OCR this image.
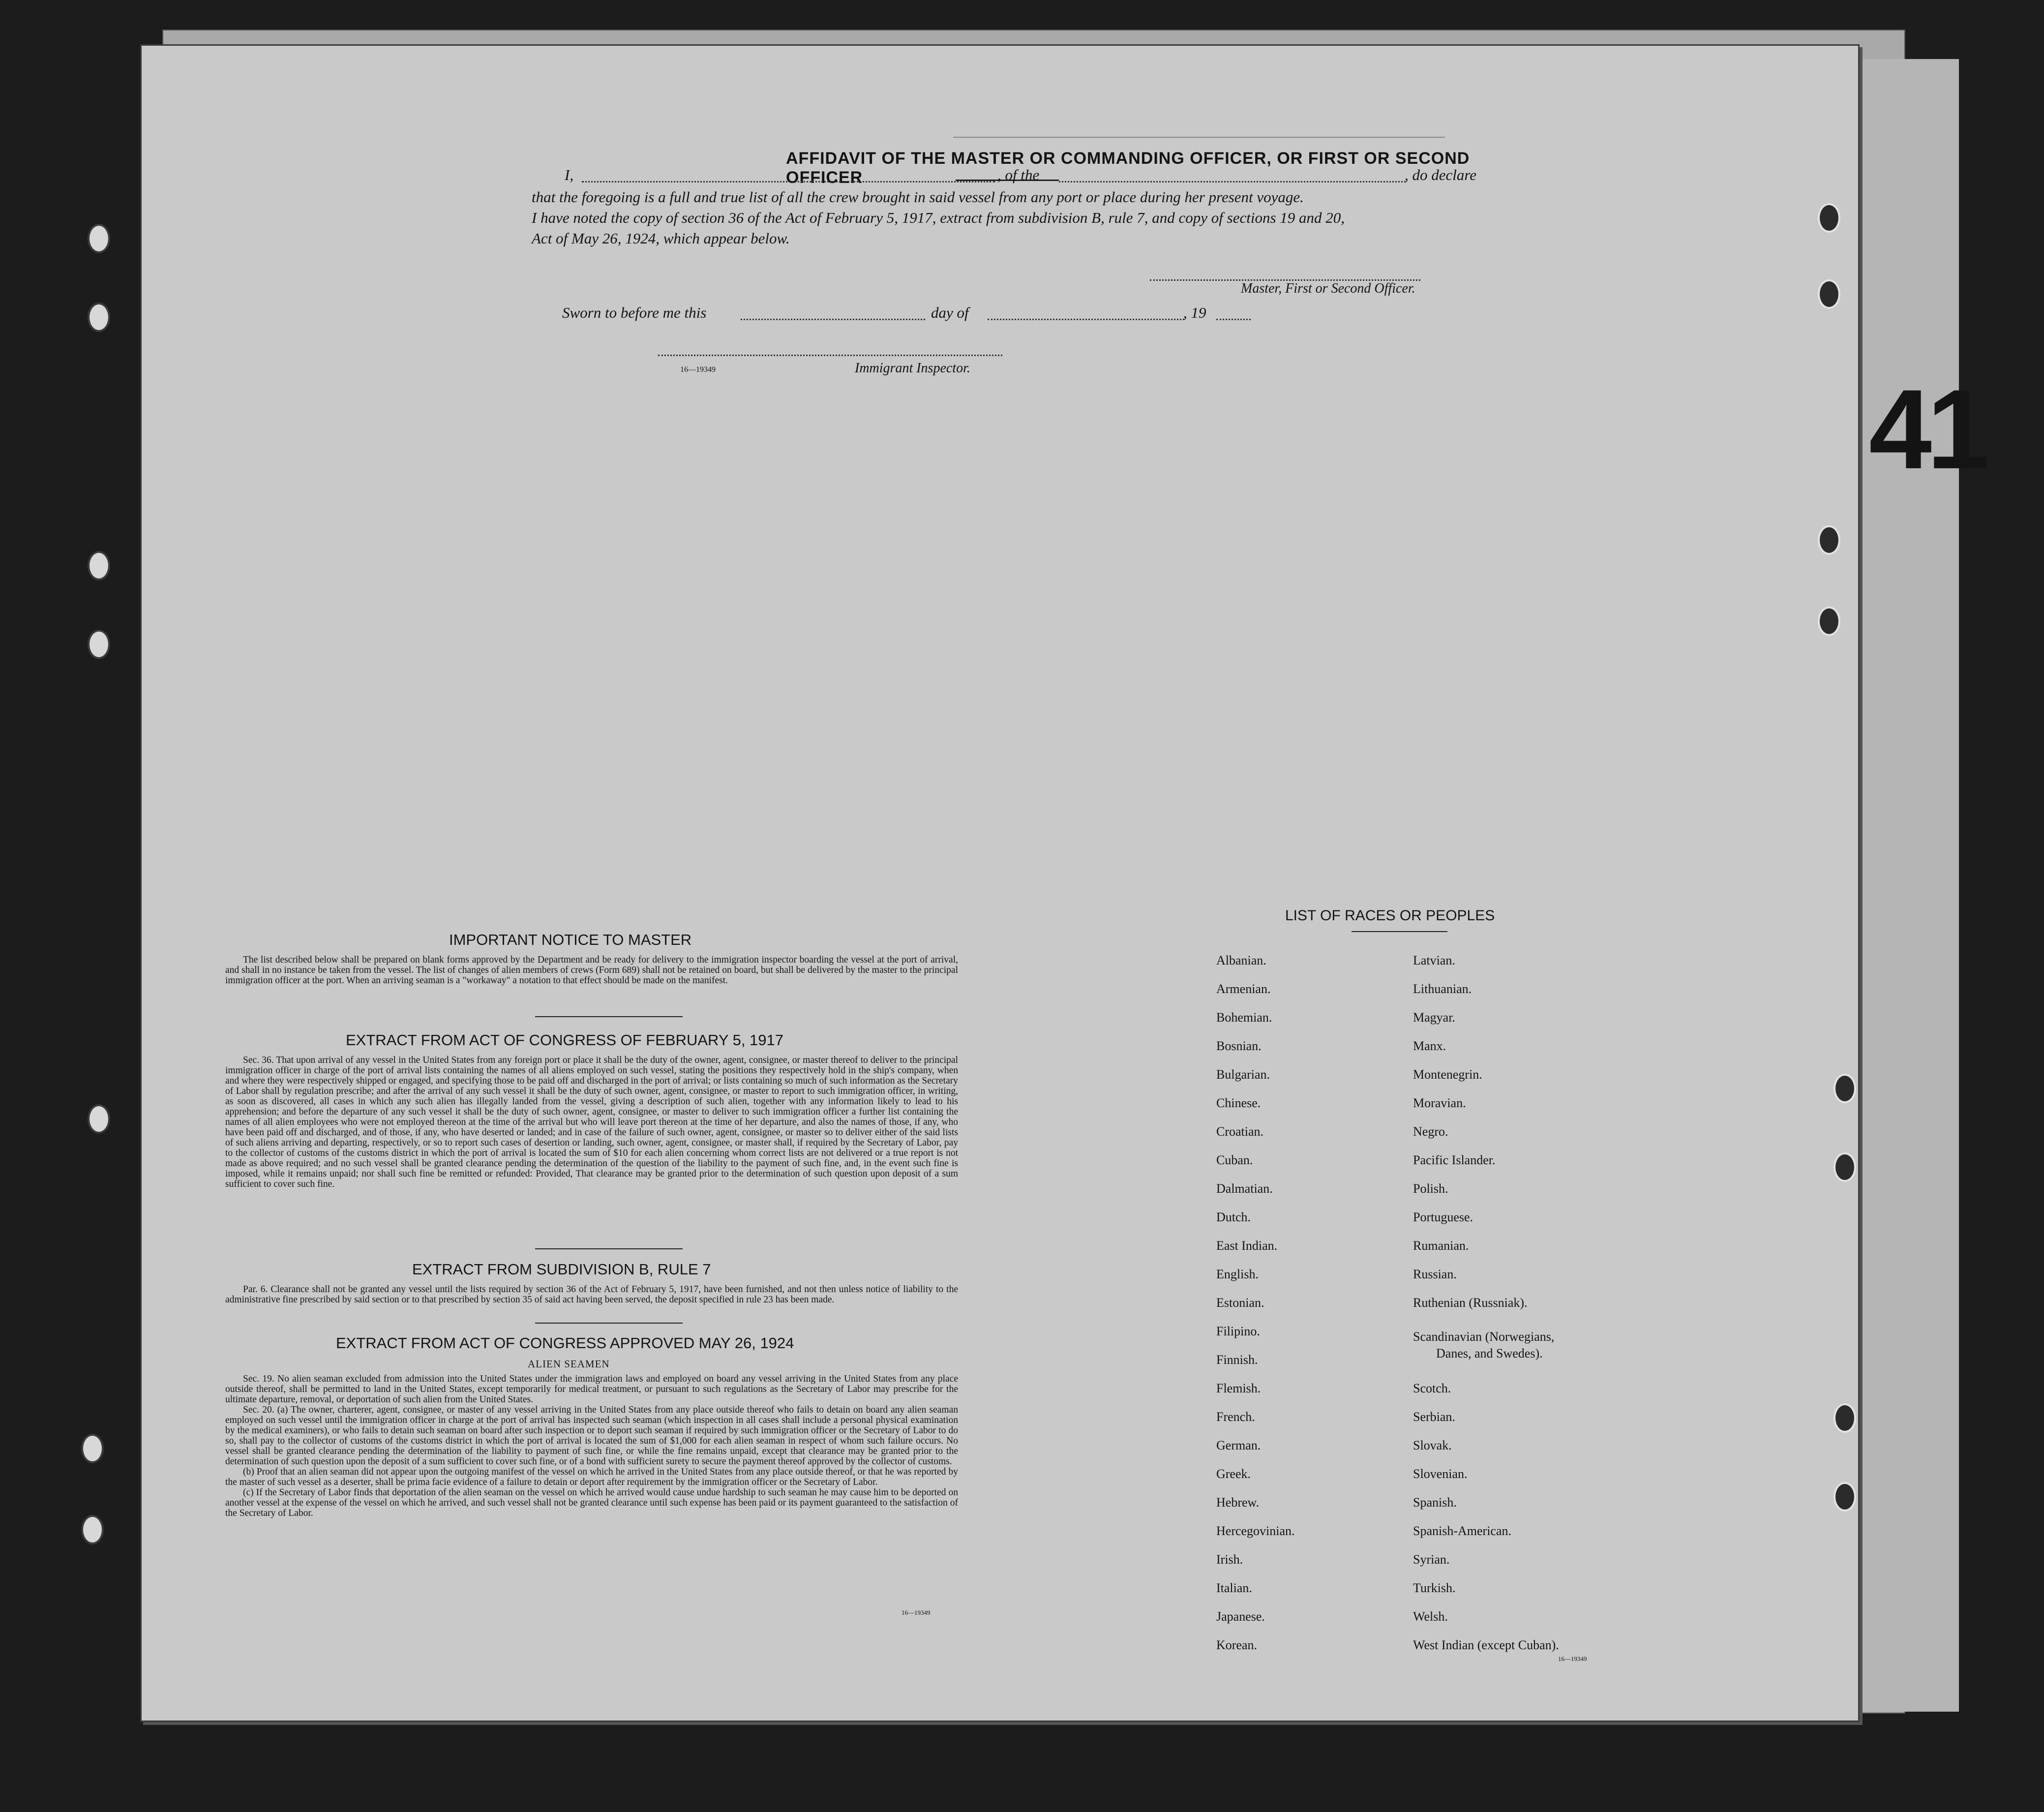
41
AFFIDAVIT OF THE MASTER OR COMMANDING OFFICER, OR FIRST OR SECOND OFFICER
I,	, of the	, do declare
that the foregoing is a full and true list of all the crew brought in said vessel from any port or place during her present voyage.
I have noted the copy of section 36 of the Act of February 5, 1917, extract from subdivision B, rule 7, and copy of sections 19 and 20,
Act of May 26, 1924, which appear below.
Master, First or Second Officer.
Sworn to before me this	day of	, 19
16—19349	Immigrant Inspector.
IMPORTANT NOTICE TO MASTER

The list described below shall be prepared on blank forms approved by the Department and be ready for delivery to the immigration inspector boarding the vessel at the port of arrival, and shall in no instance be taken from the vessel. The list of changes of alien members of crews (Form 689) shall not be retained on board, but shall be delivered by the master to the principal immigration officer at the port. When an arriving seaman is a "workaway" a notation to that effect should be made on the manifest.

EXTRACT FROM ACT OF CONGRESS OF FEBRUARY 5, 1917

Sec. 36. That upon arrival of any vessel in the United States from any foreign port or place it shall be the duty of the owner, agent, consignee, or master thereof to deliver to the principal immigration officer in charge of the port of arrival lists containing the names of all aliens employed on such vessel, stating the positions they respectively hold in the ship's company, when and where they were respectively shipped or engaged, and specifying those to be paid off and discharged in the port of arrival; or lists containing so much of such information as the Secretary of Labor shall by regulation prescribe; and after the arrival of any such vessel it shall be the duty of such owner, agent, consignee, or master to report to such immigration officer, in writing, as soon as discovered, all cases in which any such alien has illegally landed from the vessel, giving a description of such alien, together with any information likely to lead to his apprehension; and before the departure of any such vessel it shall be the duty of such owner, agent, consignee, or master to deliver to such immigration officer a further list containing the names of all alien employees who were not employed thereon at the time of the arrival but who will leave port thereon at the time of her departure, and also the names of those, if any, who have been paid off and discharged, and of those, if any, who have deserted or landed; and in case of the failure of such owner, agent, consignee, or master so to deliver either of the said lists of such aliens arriving and departing, respectively, or so to report such cases of desertion or landing, such owner, agent, consignee, or master shall, if required by the Secretary of Labor, pay to the collector of customs of the customs district in which the port of arrival is located the sum of $10 for each alien concerning whom correct lists are not delivered or a true report is not made as above required; and no such vessel shall be granted clearance pending the determination of the question of the liability to the payment of such fine, and, in the event such fine is imposed, while it remains unpaid; nor shall such fine be remitted or refunded: Provided, That clearance may be granted prior to the determination of such question upon deposit of a sum sufficient to cover such fine.

EXTRACT FROM SUBDIVISION B, RULE 7

Par. 6. Clearance shall not be granted any vessel until the lists required by section 36 of the Act of February 5, 1917, have been furnished, and not then unless notice of liability to the administrative fine prescribed by said section or to that prescribed by section 35 of said act having been served, the deposit specified in rule 23 has been made.

EXTRACT FROM ACT OF CONGRESS APPROVED MAY 26, 1924
ALIEN SEAMEN

Sec. 19. No alien seaman excluded from admission into the United States under the immigration laws and employed on board any vessel arriving in the United States from any place outside thereof, shall be permitted to land in the United States, except temporarily for medical treatment, or pursuant to such regulations as the Secretary of Labor may prescribe for the ultimate departure, removal, or deportation of such alien from the United States.

Sec. 20. (a) The owner, charterer, agent, consignee, or master of any vessel arriving in the United States from any place outside thereof who fails to detain on board any alien seaman employed on such vessel until the immigration officer in charge at the port of arrival has inspected such seaman (which inspection in all cases shall include a personal physical examination by the medical examiners), or who fails to detain such seaman on board after such inspection or to deport such seaman if required by such immigration officer or the Secretary of Labor to do so, shall pay to the collector of customs of the customs district in which the port of arrival is located the sum of $1,000 for each alien seaman in respect of whom such failure occurs. No vessel shall be granted clearance pending the determination of the liability to payment of such fine, or while the fine remains unpaid, except that clearance may be granted prior to the determination of such question upon the deposit of a sum sufficient to cover such fine, or of a bond with sufficient surety to secure the payment thereof approved by the collector of customs.

(b) Proof that an alien seaman did not appear upon the outgoing manifest of the vessel on which he arrived in the United States from any place outside thereof, or that he was reported by the master of such vessel as a deserter, shall be prima facie evidence of a failure to detain or deport after requirement by the immigration officer or the Secretary of Labor.

(c) If the Secretary of Labor finds that deportation of the alien seaman on the vessel on which he arrived would cause undue hardship to such seaman he may cause him to be deported on another vessel at the expense of the vessel on which he arrived, and such vessel shall not be granted clearance until such expense has been paid or its payment guaranteed to the satisfaction of the Secretary of Labor.

16—19349
LIST OF RACES OR PEOPLES
Albanian.
Armenian.
Bohemian.
Bosnian.
Bulgarian.
Chinese.
Croatian.
Cuban.
Dalmatian.
Dutch.
East Indian.
English.
Estonian.
Filipino.
Finnish.
Flemish.
French.
German.
Greek.
Hebrew.
Hercegovinian.
Irish.
Italian.
Japanese.
Korean.
Latvian.
Lithuanian.
Magyar.
Manx.
Montenegrin.
Moravian.
Negro.
Pacific Islander.
Polish.
Portuguese.
Rumanian.
Russian.
Ruthenian (Russniak).
Scandinavian (Norwegians,
Danes, and Swedes).
Scotch.
Serbian.
Slovak.
Slovenian.
Spanish.
Spanish-American.
Syrian.
Turkish.
Welsh.
West Indian (except Cuban).
16—19349
